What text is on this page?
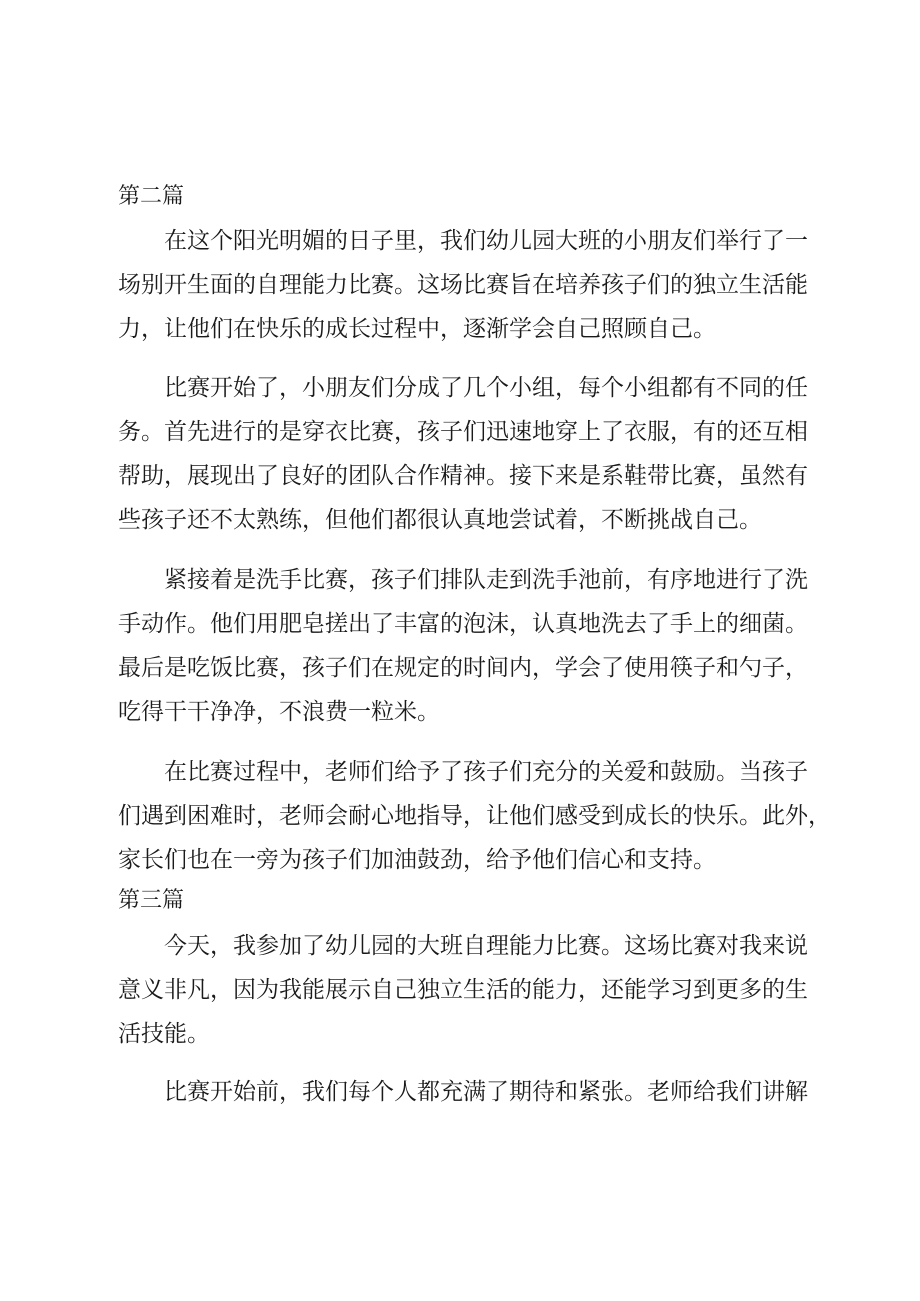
第二篇
在这个阳光明媚的日子里，我们幼儿园大班的小朋友们举行了一
场别开生面的自理能力比赛。这场比赛旨在培养孩子们的独立生活能
力，让他们在快乐的成长过程中，逐渐学会自己照顾自己。
比赛开始了，小朋友们分成了几个小组，每个小组都有不同的任
务。首先进行的是穿衣比赛，孩子们迅速地穿上了衣服，有的还互相
帮助，展现出了良好的团队合作精神。接下来是系鞋带比赛，虽然有
些孩子还不太熟练，但他们都很认真地尝试着，不断挑战自己。
紧接着是洗手比赛，孩子们排队走到洗手池前，有序地进行了洗
手动作。他们用肥皂搓出了丰富的泡沫，认真地洗去了手上的细菌。
最后是吃饭比赛，孩子们在规定的时间内，学会了使用筷子和勺子，
吃得干干净净，不浪费一粒米。
在比赛过程中，老师们给予了孩子们充分的关爱和鼓励。当孩子
们遇到困难时，老师会耐心地指导，让他们感受到成长的快乐。此外，
家长们也在一旁为孩子们加油鼓劲，给予他们信心和支持。
第三篇
今天，我参加了幼儿园的大班自理能力比赛。这场比赛对我来说
意义非凡，因为我能展示自己独立生活的能力，还能学习到更多的生
活技能。
比赛开始前，我们每个人都充满了期待和紧张。老师给我们讲解
